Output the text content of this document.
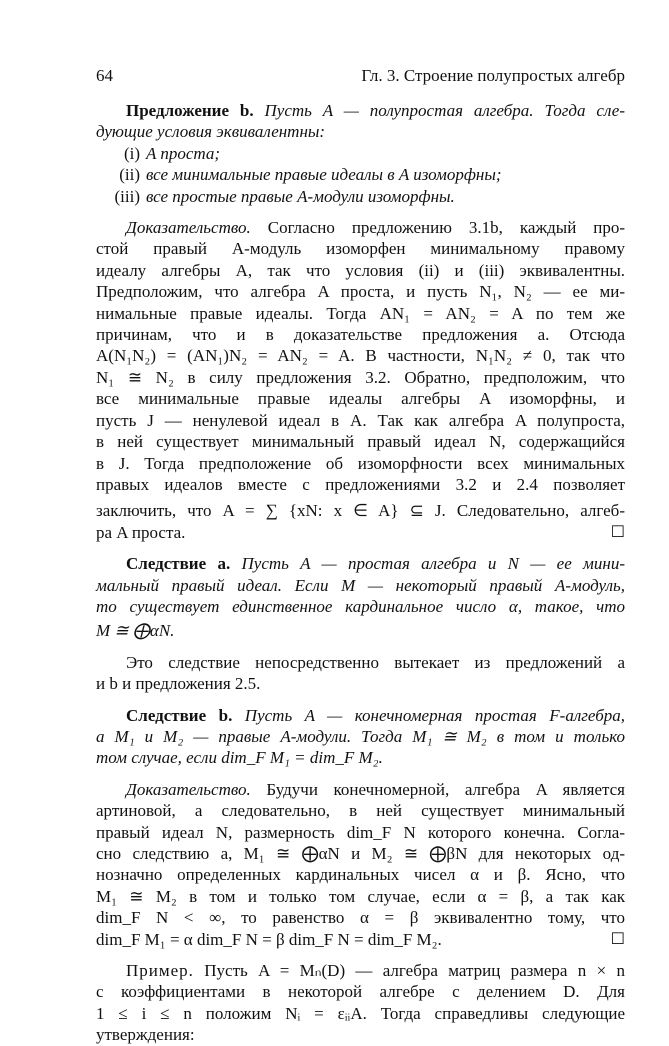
64	Гл. 3. Строение полупростых алгебр
Предложение b. Пусть A — полупростая алгебра. Тогда сле-
дующие условия эквивалентны:
(i) A проста;
(ii) все минимальные правые идеалы в A изоморфны;
(iii) все простые правые A-модули изоморфны.
Доказательство. Согласно предложению 3.1b, каждый про-
стой правый A-модуль изоморфен минимальному правому
идеалу алгебры A, так что условия (ii) и (iii) эквивалентны.
Предположим, что алгебра A проста, и пусть N₁, N₂ — ее ми-
нимальные правые идеалы. Тогда AN₁ = AN₂ = A по тем же
причинам, что и в доказательстве предложения a. Отсюда
A(N₁N₂) = (AN₁)N₂ = AN₂ = A. В частности, N₁N₂ ≠ 0, так что
N₁ ≅ N₂ в силу предложения 3.2. Обратно, предположим, что
все минимальные правые идеалы алгебры A изоморфны, и
пусть J — ненулевой идеал в A. Так как алгебра A полупроста,
в ней существует минимальный правый идеал N, содержащийся
в J. Тогда предположение об изоморфности всех минимальных
правых идеалов вместе с предложениями 3.2 и 2.4 позволяет
заключить, что A = ∑ {xN: x ∈ A} ⊆ J. Следовательно, алгеб-
ра A проста.	☐
Следствие a. Пусть A — простая алгебра и N — ее мини-
мальный правый идеал. Если M — некоторый правый A-модуль,
то существует единственное кардинальное число α, такое, что
M ≅ ⨁αN.
Это следствие непосредственно вытекает из предложений a
и b и предложения 2.5.
Следствие b. Пусть A — конечномерная простая F-алгебра,
а M₁ и M₂ — правые A-модули. Тогда M₁ ≅ M₂ в том и только
том случае, если dim_F M₁ = dim_F M₂.
Доказательство. Будучи конечномерной, алгебра A является
артиновой, а следовательно, в ней существует минимальный
правый идеал N, размерность dim_F N которого конечна. Согла-
сно следствию a, M₁ ≅ ⨁αN и M₂ ≅ ⨁βN для некоторых од-
нозначно определенных кардинальных чисел α и β. Ясно, что
M₁ ≅ M₂ в том и только том случае, если α = β, а так как
dim_F N < ∞, то равенство α = β эквивалентно тому, что
dim_F M₁ = α dim_F N = β dim_F N = dim_F M₂.	☐
Пример. Пусть A = Mₙ(D) — алгебра матриц размера n × n
с коэффициентами в некоторой алгебре с делением D. Для
1 ≤ i ≤ n положим Nᵢ = εᵢᵢA. Тогда справедливы следующие
утверждения:
